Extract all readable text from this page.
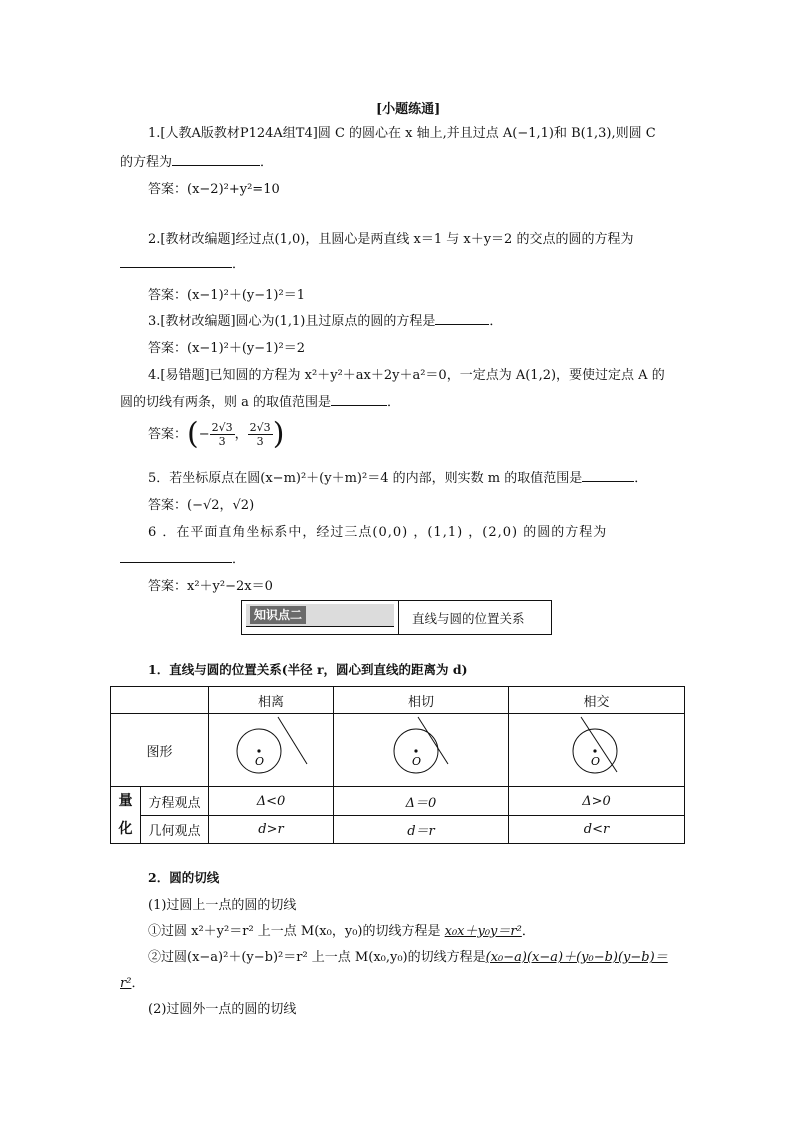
[小题练通]
1.[人教A版教材P124A组T4]圆 C 的圆心在 x 轴上,并且过点 A(−1,1)和 B(1,3),则圆 C
的方程为	．
答案：(x−2)²+y²=10
2.[教材改编题]经过点(1,0)，且圆心是两直线 x＝1 与 x＋y＝2 的交点的圆的方程为
．
答案：(x−1)²＋(y−1)²＝1
3.[教材改编题]圆心为(1,1)且过原点的圆的方程是	．
答案：(x−1)²＋(y−1)²＝2
4.[易错题]已知圆的方程为 x²＋y²＋ax＋2y＋a²＝0，一定点为 A(1,2)，要使过定点 A 的
圆的切线有两条，则 a 的取值范围是	．
答案：(− $\frac{2√3}{3}$ ， $\frac{2√3}{3}$ )
5．若坐标原点在圆(x−m)²＋(y＋m)²＝4 的内部，则实数 m 的取值范围是	．
答案：(−√2，√2)
6 ．在平面直角坐标系中，经过三点(0,0) ，(1,1) ，(2,0) 的圆的方程为
．
答案：x²＋y²−2x＝0
知识点二	直线与圆的位置关系
1．直线与圆的位置关系(半径 r，圆心到直线的距离为 d)
		相离	相切	相交
图形		O	O	O

量
化	方程观点	Δ<0	Δ＝0	Δ>0
	几何观点	d>r	d＝r	d<r
2．圆的切线
(1)过圆上一点的圆的切线
①过圆 x²＋y²＝r² 上一点 M(x₀，y₀)的切线方程是 x₀x＋y₀y＝r²．
②过圆(x−a)²＋(y−b)²＝r² 上一点 M(x₀,y₀)的切线方程是(x₀−a)(x−a)＋(y₀−b)(y−b)＝
r²．
(2)过圆外一点的圆的切线
